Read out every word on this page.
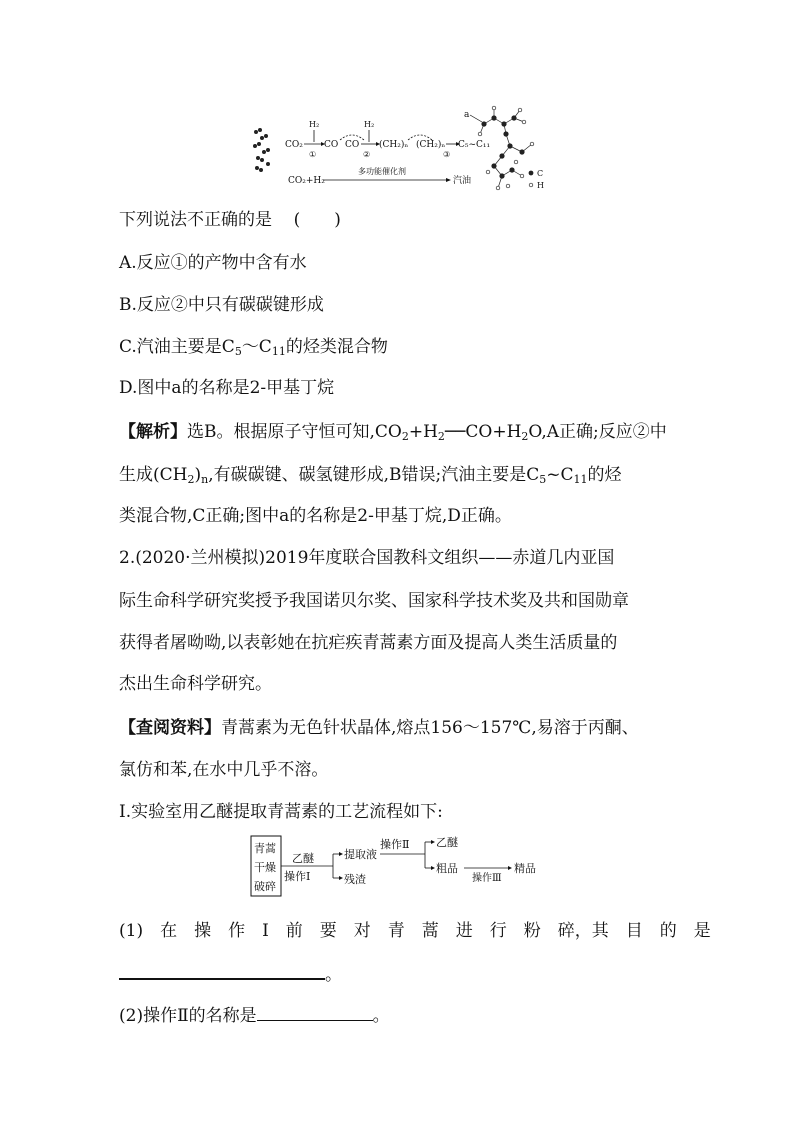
CO₂
H₂
①
CO CO
H₂
②
(CH₂)ₙ (CH₂)ₙ
③
C₅~C₁₁
CO₂+H₂
多功能催化剂
汽油
a
C
H
下列说法不正确的是 (　　)
A.反应①的产物中含有水
B.反应②中只有碳碳键形成
C.汽油主要是$C_5\sim C_{11}$的烃类混合物
D.图中a的名称是2-甲基丁烷
【解析】选B。根据原子守恒可知$,CO_2+H_2──CO+H_2O,A$正确;反应②中
生成$(CH_2)_n$,有碳碳键、碳氢键形成,B错误;汽油主要是$C_5\sim C_{11}$的烃
类混合物,C正确;图中a的名称是2-甲基丁烷,D正确。
2.(2020·兰州模拟)2019年度联合国教科文组织——赤道几内亚国
际生命科学研究奖授予我国诺贝尔奖、国家科学技术奖及共和国勋章
获得者屠呦呦,以表彰她在抗疟疾青蒿素方面及提高人类生活质量的
杰出生命科学研究。
【查阅资料】青蒿素为无色针状晶体,熔点156～157℃,易溶于丙酮、
氯仿和苯,在水中几乎不溶。
Ⅰ.实验室用乙醚提取青蒿素的工艺流程如下:
青蒿
干燥
破碎
乙醚
操作Ⅰ
提取液
残渣
操作Ⅱ 乙醚
粗品
操作Ⅲ
精品
(1)　在　操　作　Ⅰ　前　要　对　青　蒿　进　行　粉　碎，其　目　的　是
。
(2)操作Ⅱ的名称是	。
